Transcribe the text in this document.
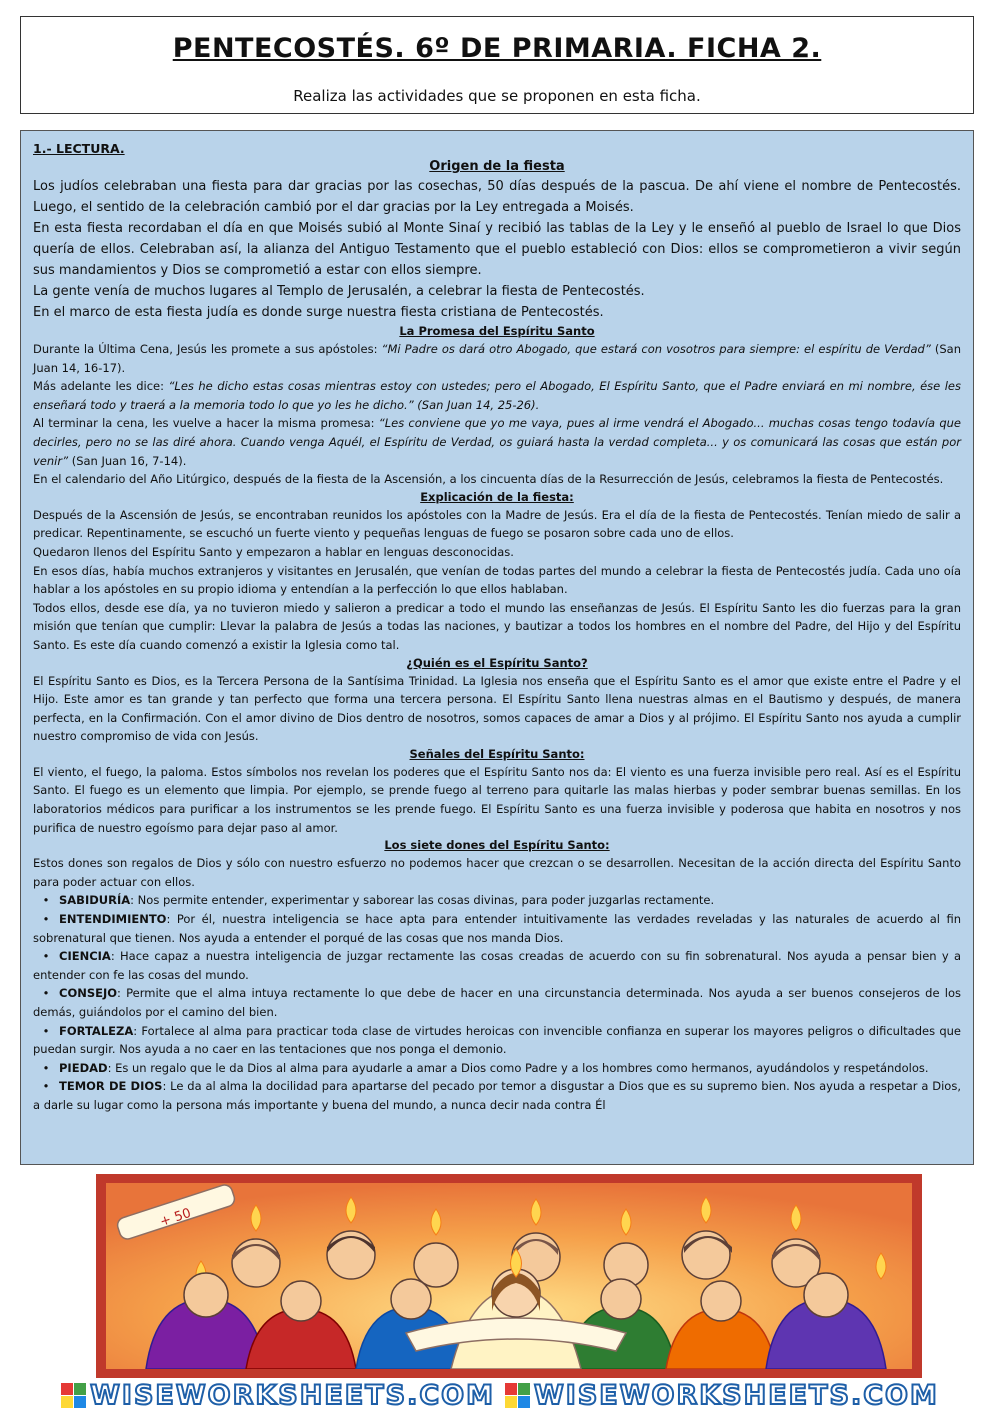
PENTECOSTÉS. 6º DE PRIMARIA. FICHA 2.
Realiza las actividades que se proponen en esta ficha.

1.- LECTURA.

Origen de la fiesta

Los judíos celebraban una fiesta para dar gracias por las cosechas, 50 días después de la pascua. De ahí viene el nombre de Pentecostés. Luego, el sentido de la celebración cambió por el dar gracias por la Ley entregada a Moisés.

En esta fiesta recordaban el día en que Moisés subió al Monte Sinaí y recibió las tablas de la Ley y le enseñó al pueblo de Israel lo que Dios quería de ellos. Celebraban así, la alianza del Antiguo Testamento que el pueblo estableció con Dios: ellos se comprometieron a vivir según sus mandamientos y Dios se comprometió a estar con ellos siempre.

La gente venía de muchos lugares al Templo de Jerusalén, a celebrar la fiesta de Pentecostés.

En el marco de esta fiesta judía es donde surge nuestra fiesta cristiana de Pentecostés.

La Promesa del Espíritu Santo

Durante la Última Cena, Jesús les promete a sus apóstoles: “Mi Padre os dará otro Abogado, que estará con vosotros para siempre: el espíritu de Verdad” (San Juan 14, 16-17).

Más adelante les dice: “Les he dicho estas cosas mientras estoy con ustedes; pero el Abogado, El Espíritu Santo, que el Padre enviará en mi nombre, ése les enseñará todo y traerá a la memoria todo lo que yo les he dicho.” (San Juan 14, 25-26).

Al terminar la cena, les vuelve a hacer la misma promesa: “Les conviene que yo me vaya, pues al irme vendrá el Abogado... muchas cosas tengo todavía que decirles, pero no se las diré ahora. Cuando venga Aquél, el Espíritu de Verdad, os guiará hasta la verdad completa... y os comunicará las cosas que están por venir” (San Juan 16, 7-14).

En el calendario del Año Litúrgico, después de la fiesta de la Ascensión, a los cincuenta días de la Resurrección de Jesús, celebramos la fiesta de Pentecostés.

Explicación de la fiesta:

Después de la Ascensión de Jesús, se encontraban reunidos los apóstoles con la Madre de Jesús. Era el día de la fiesta de Pentecostés. Tenían miedo de salir a predicar. Repentinamente, se escuchó un fuerte viento y pequeñas lenguas de fuego se posaron sobre cada uno de ellos.

Quedaron llenos del Espíritu Santo y empezaron a hablar en lenguas desconocidas.

En esos días, había muchos extranjeros y visitantes en Jerusalén, que venían de todas partes del mundo a celebrar la fiesta de Pentecostés judía. Cada uno oía hablar a los apóstoles en su propio idioma y entendían a la perfección lo que ellos hablaban.

Todos ellos, desde ese día, ya no tuvieron miedo y salieron a predicar a todo el mundo las enseñanzas de Jesús. El Espíritu Santo les dio fuerzas para la gran misión que tenían que cumplir: Llevar la palabra de Jesús a todas las naciones, y bautizar a todos los hombres en el nombre del Padre, del Hijo y del Espíritu Santo. Es este día cuando comenzó a existir la Iglesia como tal.

¿Quién es el Espíritu Santo?

El Espíritu Santo es Dios, es la Tercera Persona de la Santísima Trinidad. La Iglesia nos enseña que el Espíritu Santo es el amor que existe entre el Padre y el Hijo. Este amor es tan grande y tan perfecto que forma una tercera persona. El Espíritu Santo llena nuestras almas en el Bautismo y después, de manera perfecta, en la Confirmación. Con el amor divino de Dios dentro de nosotros, somos capaces de amar a Dios y al prójimo. El Espíritu Santo nos ayuda a cumplir nuestro compromiso de vida con Jesús.

Señales del Espíritu Santo:

El viento, el fuego, la paloma. Estos símbolos nos revelan los poderes que el Espíritu Santo nos da: El viento es una fuerza invisible pero real. Así es el Espíritu Santo. El fuego es un elemento que limpia. Por ejemplo, se prende fuego al terreno para quitarle las malas hierbas y poder sembrar buenas semillas. En los laboratorios médicos para purificar a los instrumentos se les prende fuego. El Espíritu Santo es una fuerza invisible y poderosa que habita en nosotros y nos purifica de nuestro egoísmo para dejar paso al amor.

Los siete dones del Espíritu Santo:

Estos dones son regalos de Dios y sólo con nuestro esfuerzo no podemos hacer que crezcan o se desarrollen. Necesitan de la acción directa del Espíritu Santo para poder actuar con ellos.

• SABIDURÍA: Nos permite entender, experimentar y saborear las cosas divinas, para poder juzgarlas rectamente.

• ENTENDIMIENTO: Por él, nuestra inteligencia se hace apta para entender intuitivamente las verdades reveladas y las naturales de acuerdo al fin sobrenatural que tienen. Nos ayuda a entender el porqué de las cosas que nos manda Dios.

• CIENCIA: Hace capaz a nuestra inteligencia de juzgar rectamente las cosas creadas de acuerdo con su fin sobrenatural. Nos ayuda a pensar bien y a entender con fe las cosas del mundo.

• CONSEJO: Permite que el alma intuya rectamente lo que debe de hacer en una circunstancia determinada. Nos ayuda a ser buenos consejeros de los demás, guiándolos por el camino del bien.

• FORTALEZA: Fortalece al alma para practicar toda clase de virtudes heroicas con invencible confianza en superar los mayores peligros o dificultades que puedan surgir. Nos ayuda a no caer en las tentaciones que nos ponga el demonio.

• PIEDAD: Es un regalo que le da Dios al alma para ayudarle a amar a Dios como Padre y a los hombres como hermanos, ayudándolos y respetándolos.

• TEMOR DE DIOS: Le da al alma la docilidad para apartarse del pecado por temor a disgustar a Dios que es su supremo bien. Nos ayuda a respetar a Dios, a darle su lugar como la persona más importante y buena del mundo, a nunca decir nada contra Él

+ 50
WISEWORKSHEETS.COM WISEWORKSHEETS.COM
